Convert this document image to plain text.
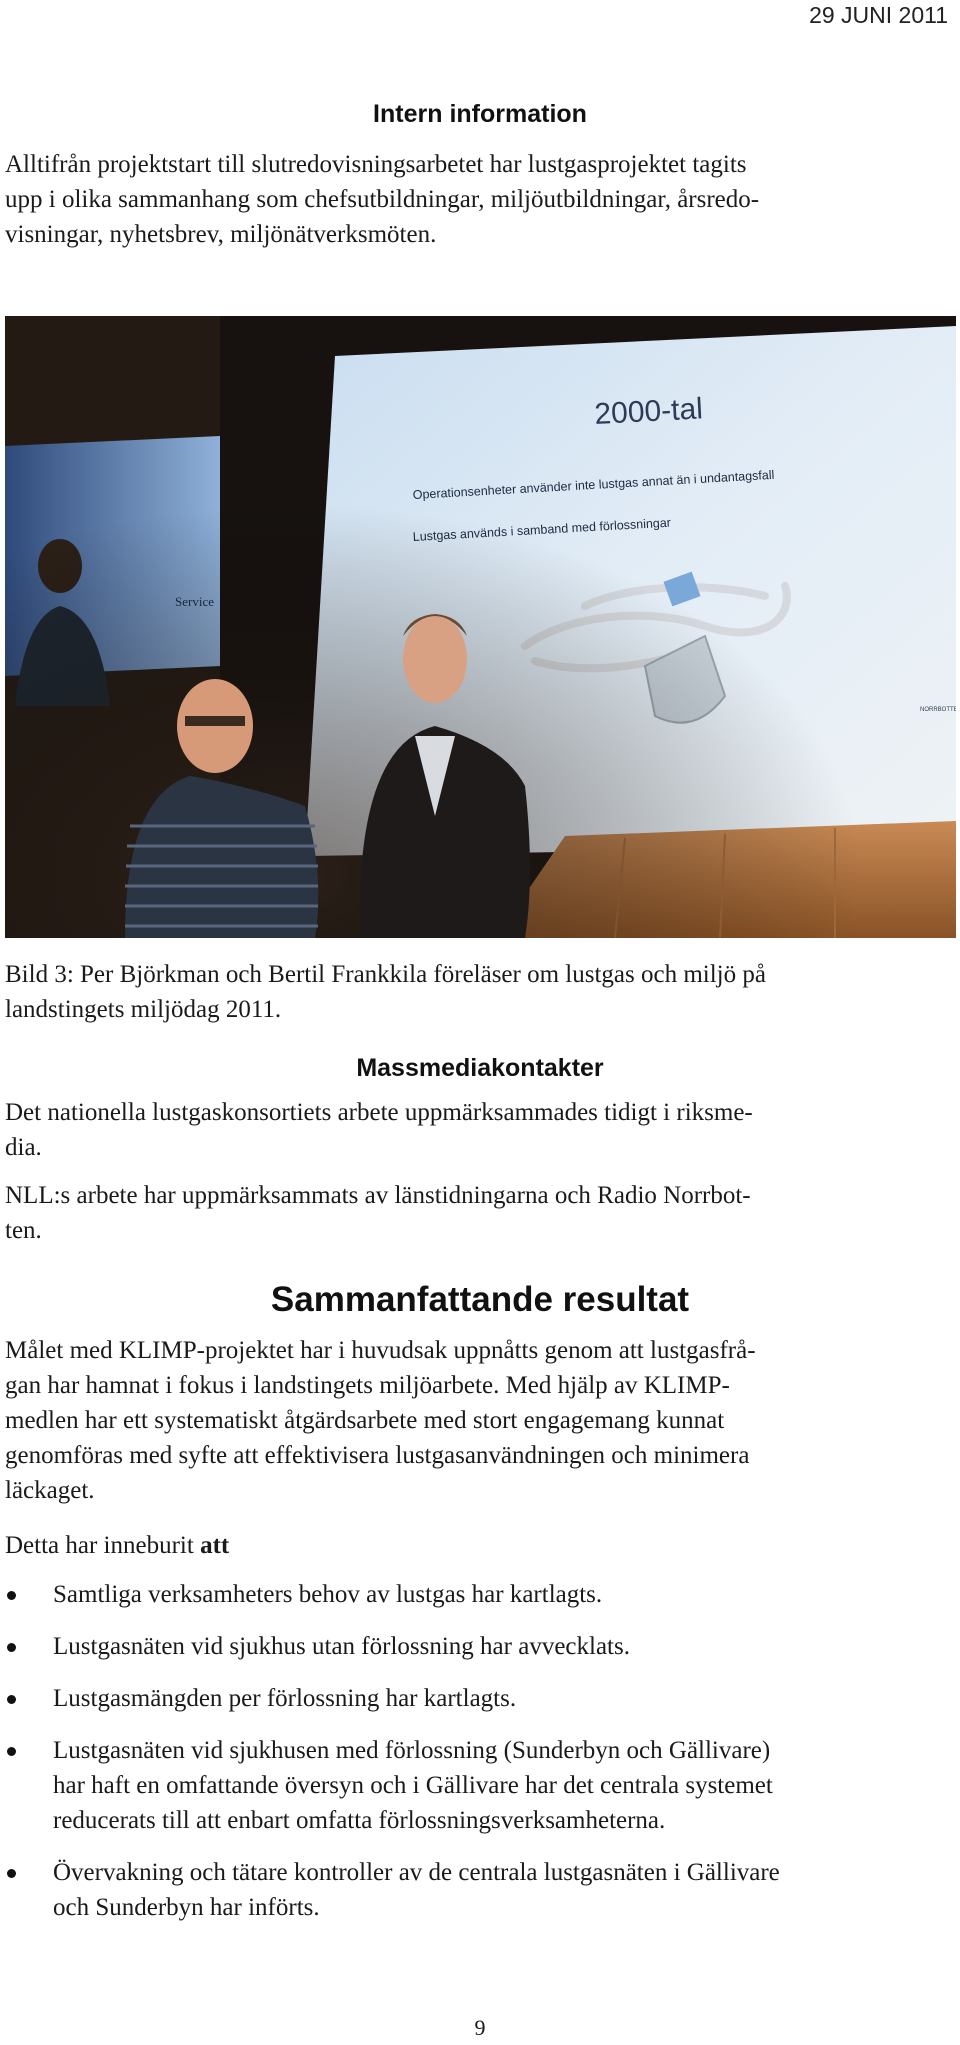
29 JUNI 2011
Intern information

Alltifrån projektstart till slutredovisningsarbetet har lustgasprojektet tagits
upp i olika sammanhang som chefsutbildningar, miljöutbildningar, årsredo-
visningar, nyhetsbrev, miljönätverksmöten.

Bild 3: Per Björkman och Bertil Frankkila föreläser om lustgas och miljö på
landstingets miljödag 2011.

Massmediakontakter

Det nationella lustgaskonsortiets arbete uppmärksammades tidigt i riksme-
dia.

NLL:s arbete har uppmärksammats av länstidningarna och Radio Norrbot-
ten.

Sammanfattande resultat

Målet med KLIMP-projektet har i huvudsak uppnåtts genom att lustgasfrå-
gan har hamnat i fokus i landstingets miljöarbete. Med hjälp av KLIMP-
medlen har ett systematiskt åtgärdsarbete med stort engagemang kunnat
genomföras med syfte att effektivisera lustgasanvändningen och minimera
läckaget.

Detta har inneburit att

Samtliga verksamheters behov av lustgas har kartlagts.
Lustgasnäten vid sjukhus utan förlossning har avvecklats.
Lustgasmängden per förlossning har kartlagts.
Lustgasnäten vid sjukhusen med förlossning (Sunderbyn och Gällivare)
har haft en omfattande översyn och i Gällivare har det centrala systemet
reducerats till att enbart omfatta förlossningsverksamheterna.
Övervakning och tätare kontroller av de centrala lustgasnäten i Gällivare
och Sunderbyn har införts.
9
